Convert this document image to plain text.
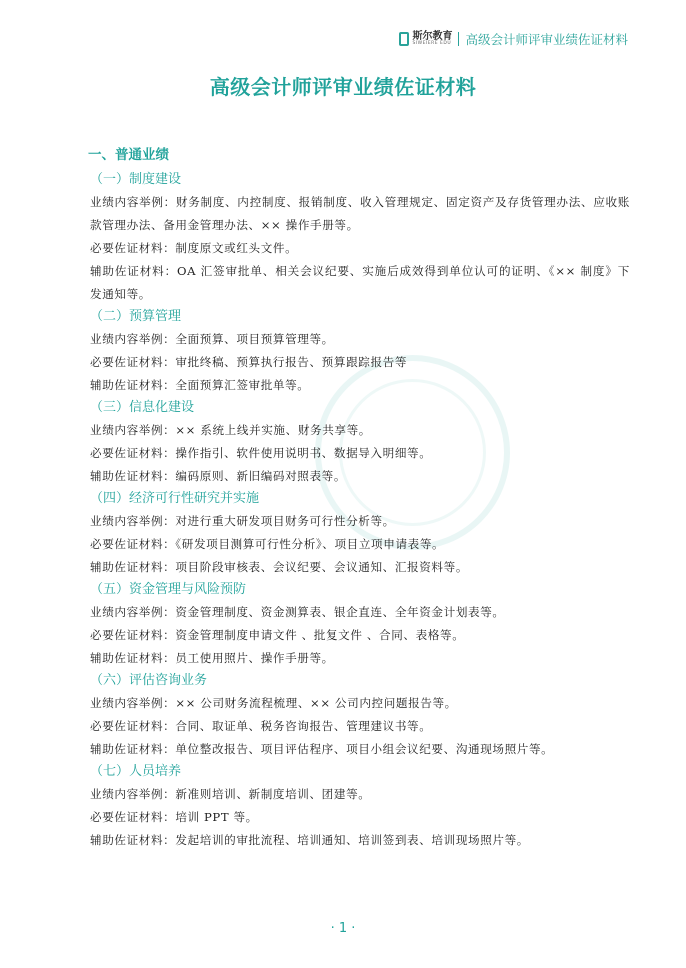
斯尔教育
SIWEIERE EDU 高级会计师评审业绩佐证材料
高级会计师评审业绩佐证材料
一、普通业绩
（一）制度建设

业绩内容举例：财务制度、内控制度、报销制度、收入管理规定、固定资产及存货管理办法、应收账款管理办法、备用金管理办法、×× 操作手册等。

必要佐证材料：制度原文或红头文件。

辅助佐证材料：OA 汇签审批单、相关会议纪要、实施后成效得到单位认可的证明、《×× 制度》下发通知等。

（二）预算管理

业绩内容举例：全面预算、项目预算管理等。

必要佐证材料：审批终稿、预算执行报告、预算跟踪报告等

辅助佐证材料：全面预算汇签审批单等。

（三）信息化建设

业绩内容举例：×× 系统上线并实施、财务共享等。

必要佐证材料：操作指引、软件使用说明书、数据导入明细等。

辅助佐证材料：编码原则、新旧编码对照表等。

（四）经济可行性研究并实施

业绩内容举例：对进行重大研发项目财务可行性分析等。

必要佐证材料：《研发项目测算可行性分析》、项目立项申请表等。

辅助佐证材料：项目阶段审核表、会议纪要、会议通知、汇报资料等。

（五）资金管理与风险预防

业绩内容举例：资金管理制度、资金测算表、银企直连、全年资金计划表等。

必要佐证材料：资金管理制度申请文件 、批复文件 、合同、表格等。

辅助佐证材料：员工使用照片、操作手册等。

（六）评估咨询业务

业绩内容举例：×× 公司财务流程梳理、×× 公司内控问题报告等。

必要佐证材料：合同、取证单、税务咨询报告、管理建议书等。

辅助佐证材料：单位整改报告、项目评估程序、项目小组会议纪要、沟通现场照片等。

（七）人员培养

业绩内容举例：新准则培训、新制度培训、团建等。

必要佐证材料：培训 PPT 等。

辅助佐证材料：发起培训的审批流程、培训通知、培训签到表、培训现场照片等。

· 1 ·
